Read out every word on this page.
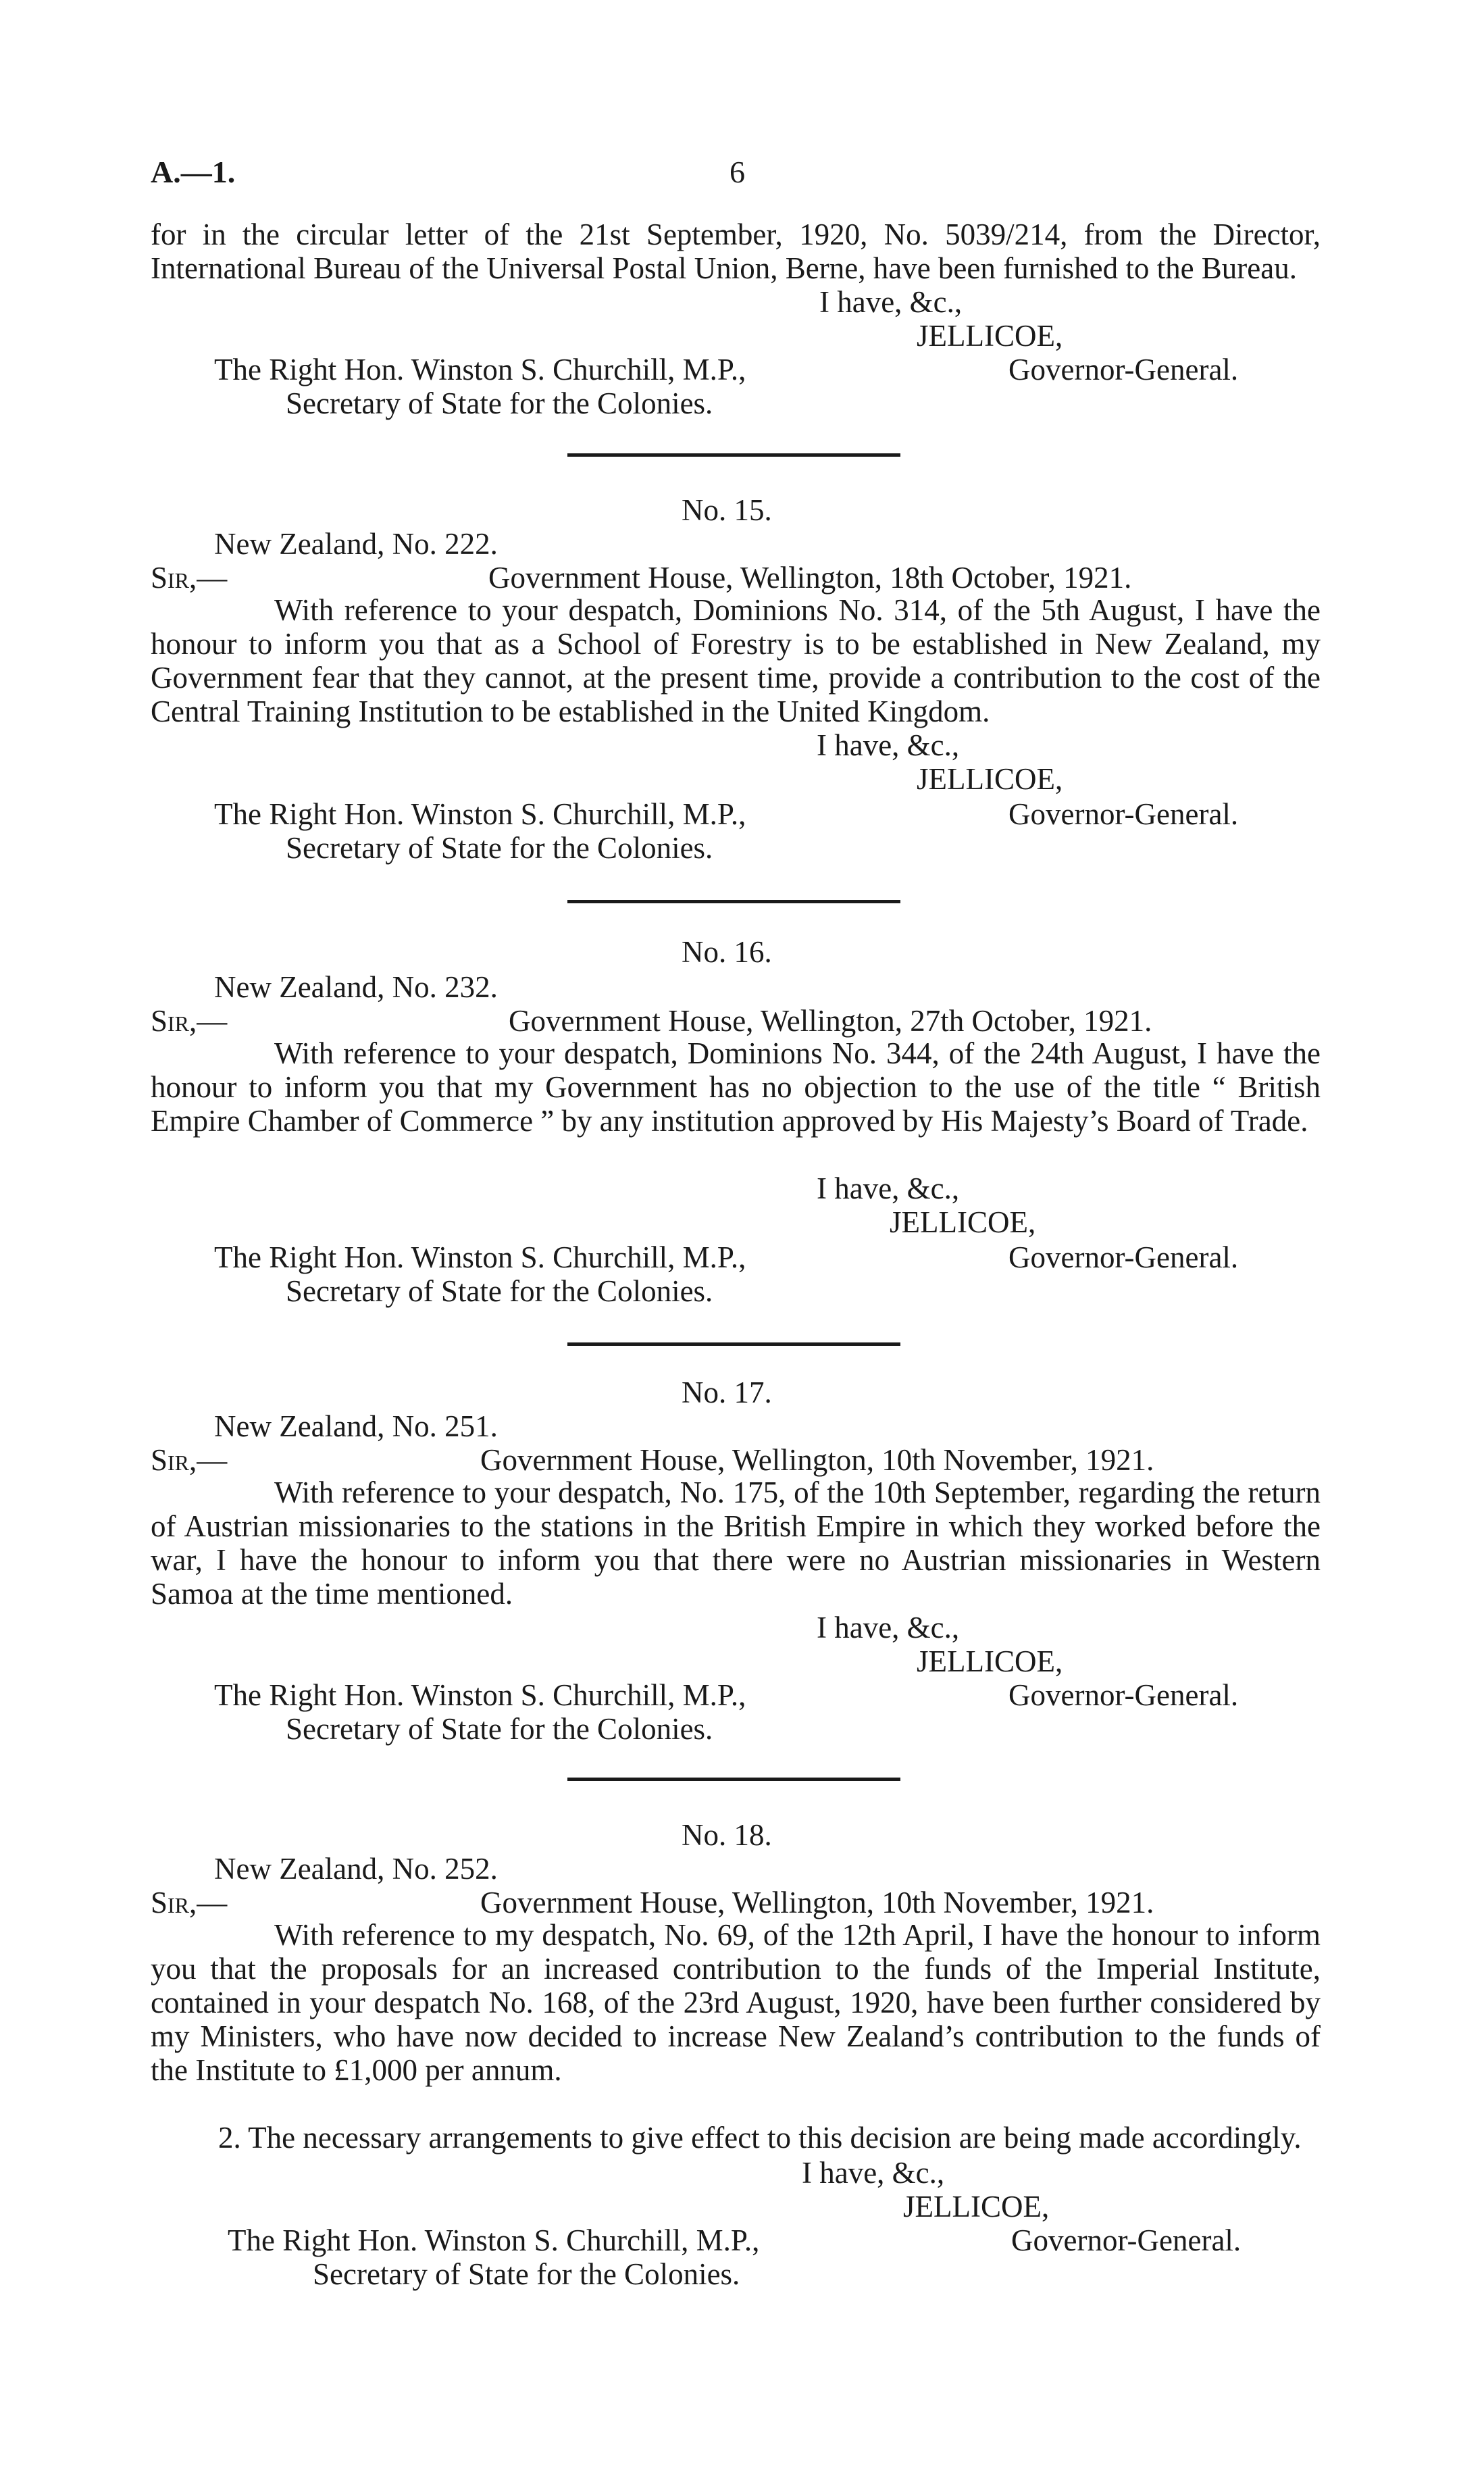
A.—1.	6
for in the circular letter of the 21st September, 1920, No. 5039/214, from the Director, International Bureau of the Universal Postal Union, Berne, have been furnished to the Bureau.
I have, &c.,
JELLICOE,
The Right Hon. Winston S. Churchill, M.P.,	Governor-General.
Secretary of State for the Colonies.
No. 15.
New Zealand, No. 222.
Sir,—	Government House, Wellington, 18th October, 1921.
With reference to your despatch, Dominions No. 314, of the 5th August, I have the honour to inform you that as a School of Forestry is to be established in New Zealand, my Government fear that they cannot, at the present time, provide a contribution to the cost of the Central Training Institution to be established in the United Kingdom.
I have, &c.,
JELLICOE,
The Right Hon. Winston S. Churchill, M.P.,	Governor-General.
Secretary of State for the Colonies.
No. 16.
New Zealand, No. 232.
Sir,—	Government House, Wellington, 27th October, 1921.
With reference to your despatch, Dominions No. 344, of the 24th August, I have the honour to inform you that my Government has no objection to the use of the title “ British Empire Chamber of Commerce ” by any institution approved by His Majesty’s Board of Trade.
I have, &c.,
JELLICOE,
The Right Hon. Winston S. Churchill, M.P.,	Governor-General.
Secretary of State for the Colonies.
No. 17.
New Zealand, No. 251.
Sir,—	Government House, Wellington, 10th November, 1921.
With reference to your despatch, No. 175, of the 10th September, regarding the return of Austrian missionaries to the stations in the British Empire in which they worked before the war, I have the honour to inform you that there were no Austrian missionaries in Western Samoa at the time mentioned.
I have, &c.,
JELLICOE,
The Right Hon. Winston S. Churchill, M.P.,	Governor-General.
Secretary of State for the Colonies.
No. 18.
New Zealand, No. 252.
Sir,—	Government House, Wellington, 10th November, 1921.
With reference to my despatch, No. 69, of the 12th April, I have the honour to inform you that the proposals for an increased contribution to the funds of the Imperial Institute, contained in your despatch No. 168, of the 23rd August, 1920, have been further considered by my Ministers, who have now decided to increase New Zealand’s contribution to the funds of the Institute to £1,000 per annum.
2. The necessary arrangements to give effect to this decision are being made accordingly.
I have, &c.,
JELLICOE,
The Right Hon. Winston S. Churchill, M.P.,	Governor-General.
Secretary of State for the Colonies.
